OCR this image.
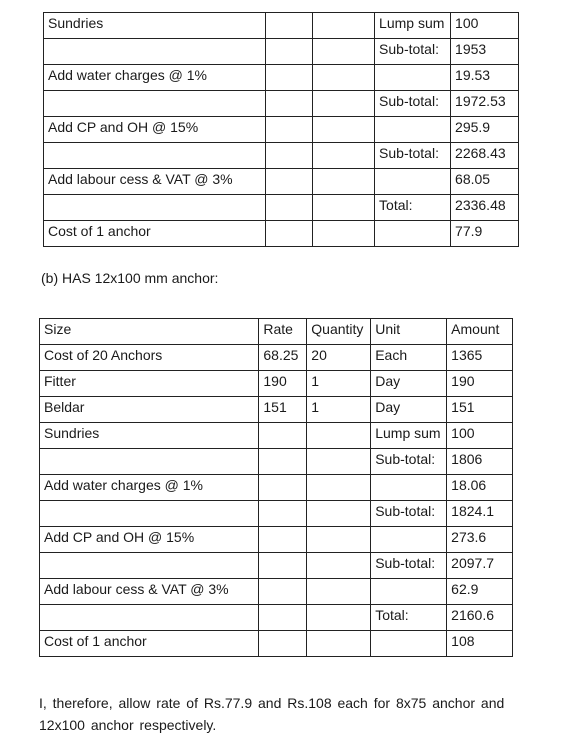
Sundries			Lump sum	100
			Sub-total:	1953
Add water charges @ 1%				19.53
			Sub-total:	1972.53
Add CP and OH @ 15%				295.9
			Sub-total:	2268.43
Add labour cess & VAT @ 3%				68.05
			Total:	2336.48
Cost of 1 anchor				77.9
(b) HAS 12x100 mm anchor:
Size	Rate	Quantity	Unit	Amount
Cost of 20 Anchors	68.25	20	Each	1365
Fitter	190	1	Day	190
Beldar	151	1	Day	151
Sundries			Lump sum	100
			Sub-total:	1806
Add water charges @ 1%				18.06
			Sub-total:	1824.1
Add CP and OH @ 15%				273.6
			Sub-total:	2097.7
Add labour cess & VAT @ 3%				62.9
			Total:	2160.6
Cost of 1 anchor				108

I, therefore, allow rate of Rs.77.9 and Rs.108 each for 8x75 anchor and 12x100 anchor respectively.
